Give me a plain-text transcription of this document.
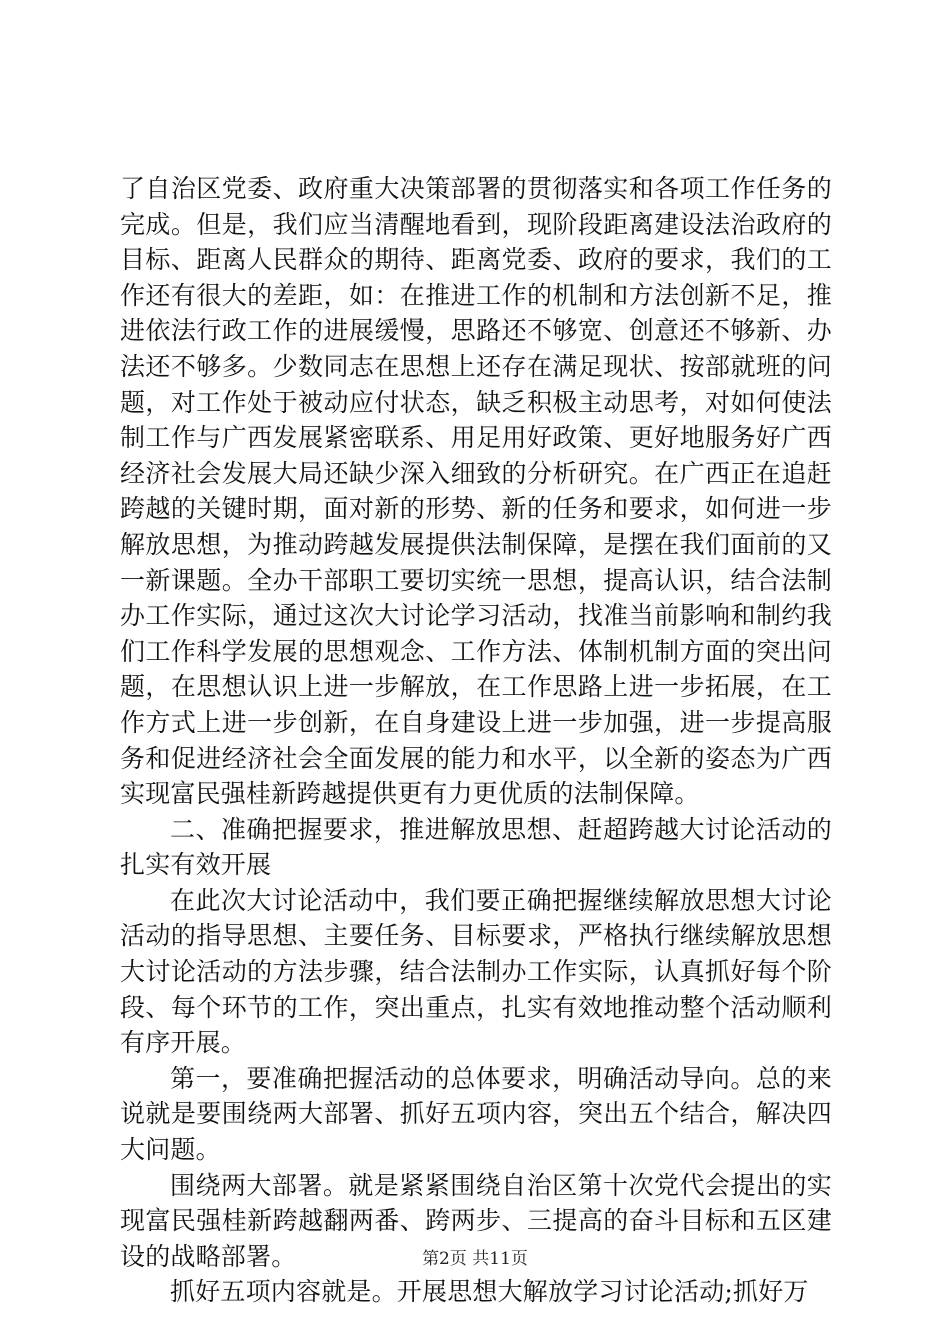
了自治区党委、政府重大决策部署的贯彻落实和各项工作任务的完成。但是，我们应当清醒地看到，现阶段距离建设法治政府的目标、距离人民群众的期待、距离党委、政府的要求，我们的工作还有很大的差距，如：在推进工作的机制和方法创新不足，推进依法行政工作的进展缓慢，思路还不够宽、创意还不够新、办法还不够多。少数同志在思想上还存在满足现状、按部就班的问题，对工作处于被动应付状态，缺乏积极主动思考，对如何使法制工作与广西发展紧密联系、用足用好政策、更好地服务好广西经济社会发展大局还缺少深入细致的分析研究。在广西正在追赶跨越的关键时期，面对新的形势、新的任务和要求，如何进一步解放思想，为推动跨越发展提供法制保障，是摆在我们面前的又一新课题。全办干部职工要切实统一思想，提高认识，结合法制办工作实际，通过这次大讨论学习活动，找准当前影响和制约我们工作科学发展的思想观念、工作方法、体制机制方面的突出问题，在思想认识上进一步解放，在工作思路上进一步拓展，在工作方式上进一步创新，在自身建设上进一步加强，进一步提高服务和促进经济社会全面发展的能力和水平，以全新的姿态为广西实现富民强桂新跨越提供更有力更优质的法制保障。

二、准确把握要求，推进解放思想、赶超跨越大讨论活动的扎实有效开展

在此次大讨论活动中，我们要正确把握继续解放思想大讨论活动的指导思想、主要任务、目标要求，严格执行继续解放思想大讨论活动的方法步骤，结合法制办工作实际，认真抓好每个阶段、每个环节的工作，突出重点，扎实有效地推动整个活动顺利有序开展。

第一，要准确把握活动的总体要求，明确活动导向。总的来说就是要围绕两大部署、抓好五项内容，突出五个结合，解决四大问题。

围绕两大部署。就是紧紧围绕自治区第十次党代会提出的实现富民强桂新跨越翻两番、跨两步、三提高的奋斗目标和五区建设的战略部署。

抓好五项内容就是。开展思想大解放学习讨论活动;抓好万

第2页 共11页
